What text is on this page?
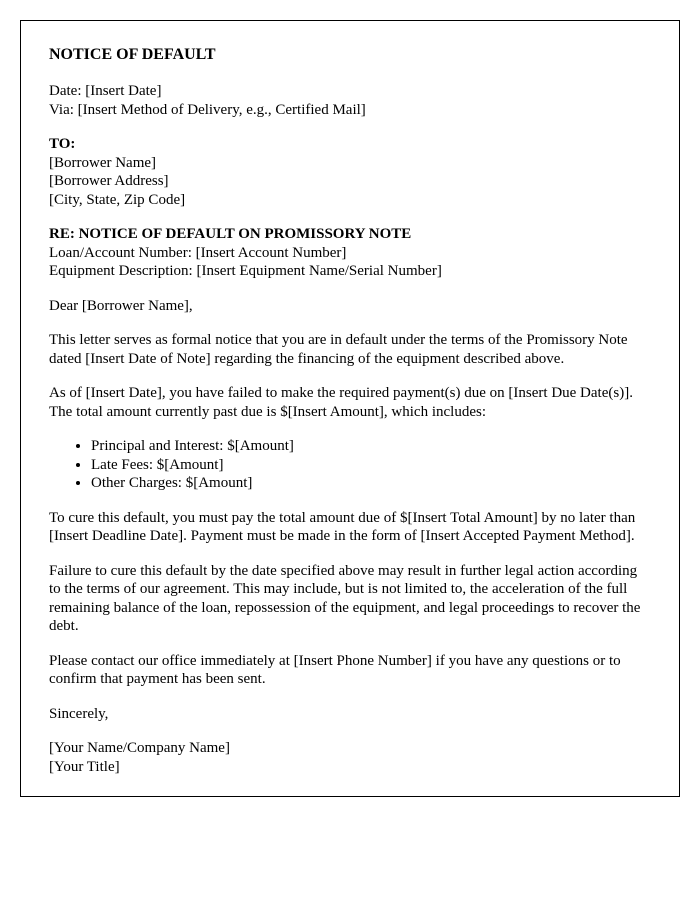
NOTICE OF DEFAULT
Date: [Insert Date]
Via: [Insert Method of Delivery, e.g., Certified Mail]
TO:
[Borrower Name]
[Borrower Address]
[City, State, Zip Code]
RE: NOTICE OF DEFAULT ON PROMISSORY NOTE
Loan/Account Number: [Insert Account Number]
Equipment Description: [Insert Equipment Name/Serial Number]

Dear [Borrower Name],

This letter serves as formal notice that you are in default under the terms of the Promissory Note dated [Insert Date of Note] regarding the financing of the equipment described above.

As of [Insert Date], you have failed to make the required payment(s) due on [Insert Due Date(s)]. The total amount currently past due is $[Insert Amount], which includes:

• Principal and Interest: $[Amount]
• Late Fees: $[Amount]
• Other Charges: $[Amount]

To cure this default, you must pay the total amount due of $[Insert Total Amount] by no later than [Insert Deadline Date]. Payment must be made in the form of [Insert Accepted Payment Method].

Failure to cure this default by the date specified above may result in further legal action according to the terms of our agreement. This may include, but is not limited to, the acceleration of the full remaining balance of the loan, repossession of the equipment, and legal proceedings to recover the debt.

Please contact our office immediately at [Insert Phone Number] if you have any questions or to confirm that payment has been sent.

Sincerely,

[Your Name/Company Name]
[Your Title]
